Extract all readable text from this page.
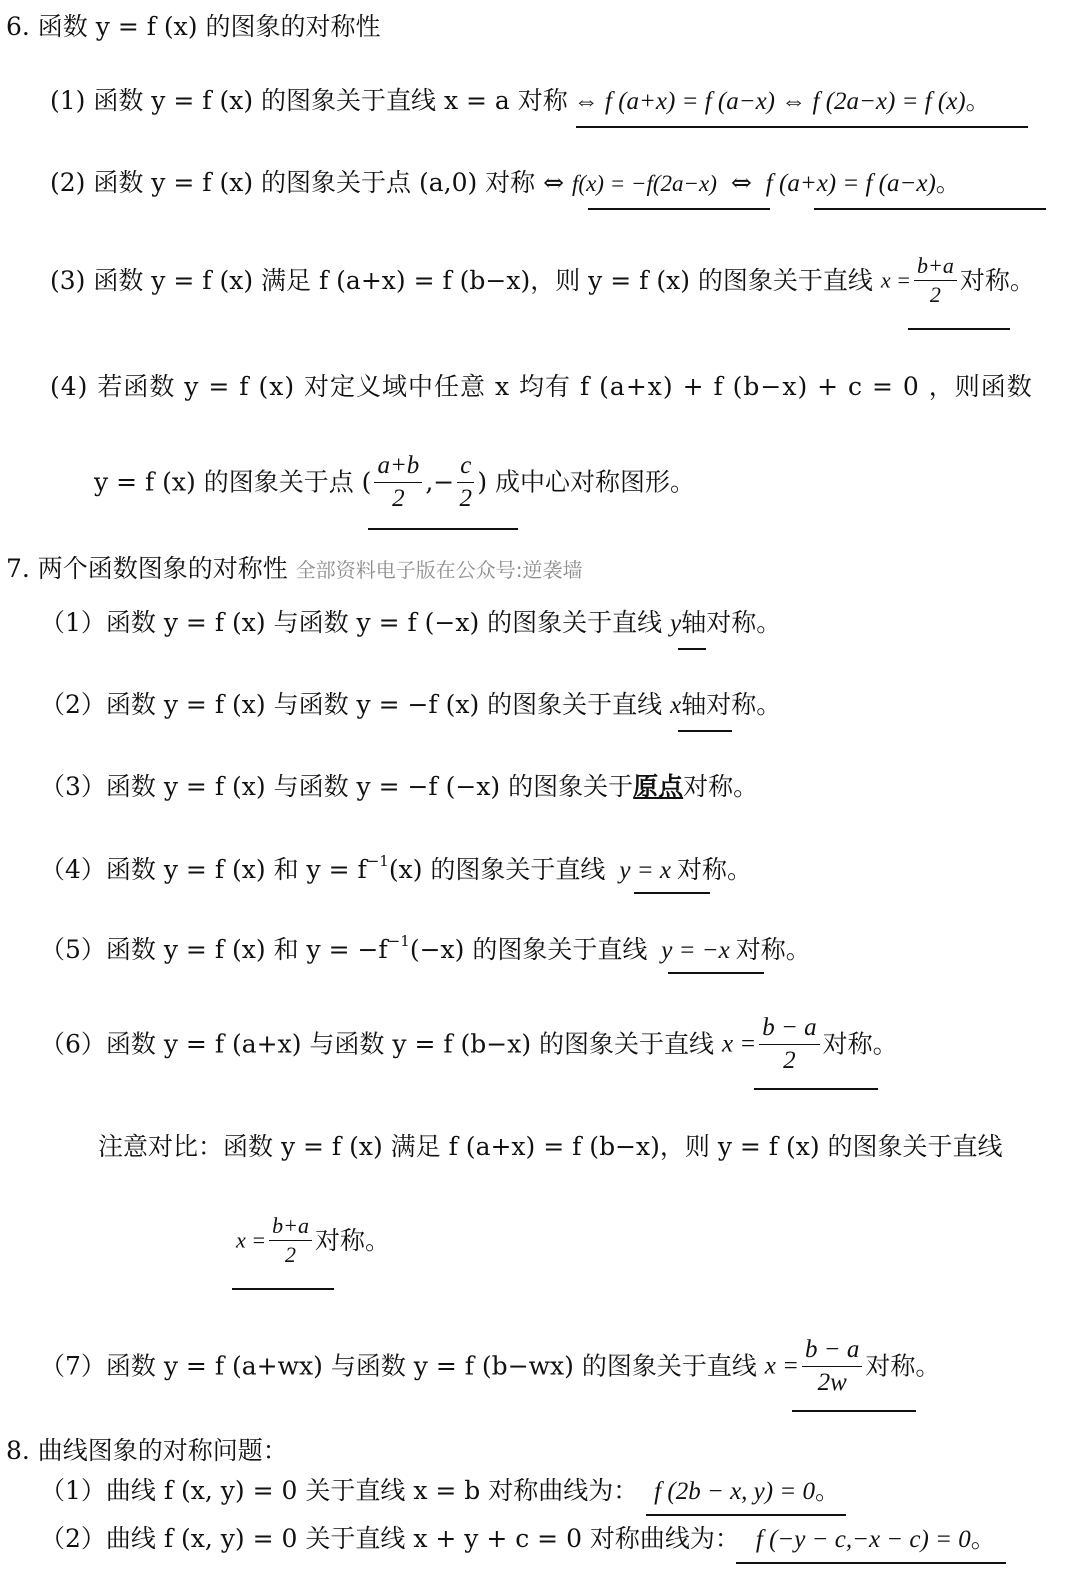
6. 函数 y = f (x) 的图象的对称性
(1) 函数 y = f (x) 的图象关于直线 x = a 对称 ⇔ f (a+x) = f (a−x) ⇔ f (2a−x) = f (x)。
(2) 函数 y = f (x) 的图象关于点 (a,0) 对称 ⇔ f(x) = −f(2a−x) ⇔ f (a+x) = f (a−x)。
(3) 函数 y = f (x) 满足 f (a+x) = f (b−x)，则 y = f (x) 的图象关于直线 $x = \frac{b+a}{2}$ 对称。
(4) 若函数 y = f (x) 对定义域中任意 x 均有 f (a+x) + f (b−x) + c = 0 ，则函数
y = f (x) 的图象关于点 ( $\frac{a+b}{2}$ ,− $\frac{c}{2}$ ) 成中心对称图形。
7. 两个函数图象的对称性 全部资料电子版在公众号:逆袭墙
（1）函数 y = f (x) 与函数 y = f (−x) 的图象关于直线 y轴对称。
（2）函数 y = f (x) 与函数 y = −f (x) 的图象关于直线 x轴对称。
（3）函数 y = f (x) 与函数 y = −f (−x) 的图象关于原点对称。
（4）函数 y = f (x) 和 $y = f^{-1}(x)$ 的图象关于直线 y = x 对称。
（5）函数 y = f (x) 和 $y = -f^{-1}(-x)$ 的图象关于直线 y = −x 对称。
（6）函数 y = f (a+x) 与函数 y = f (b−x) 的图象关于直线 $x = \frac{b - a}{2}$ 对称。
注意对比：函数 y = f (x) 满足 f (a+x) = f (b−x)，则 y = f (x) 的图象关于直线
$x = \frac{b+a}{2}$ 对称。
（7）函数 y = f (a+wx) 与函数 y = f (b−wx) 的图象关于直线 $x = \frac{b - a}{2w}$ 对称。
8. 曲线图象的对称问题：
（1）曲线 f (x, y) = 0 关于直线 x = b 对称曲线为： f (2b − x, y) = 0。
（2）曲线 f (x, y) = 0 关于直线 x + y + c = 0 对称曲线为： f (−y − c,−x − c) = 0。
